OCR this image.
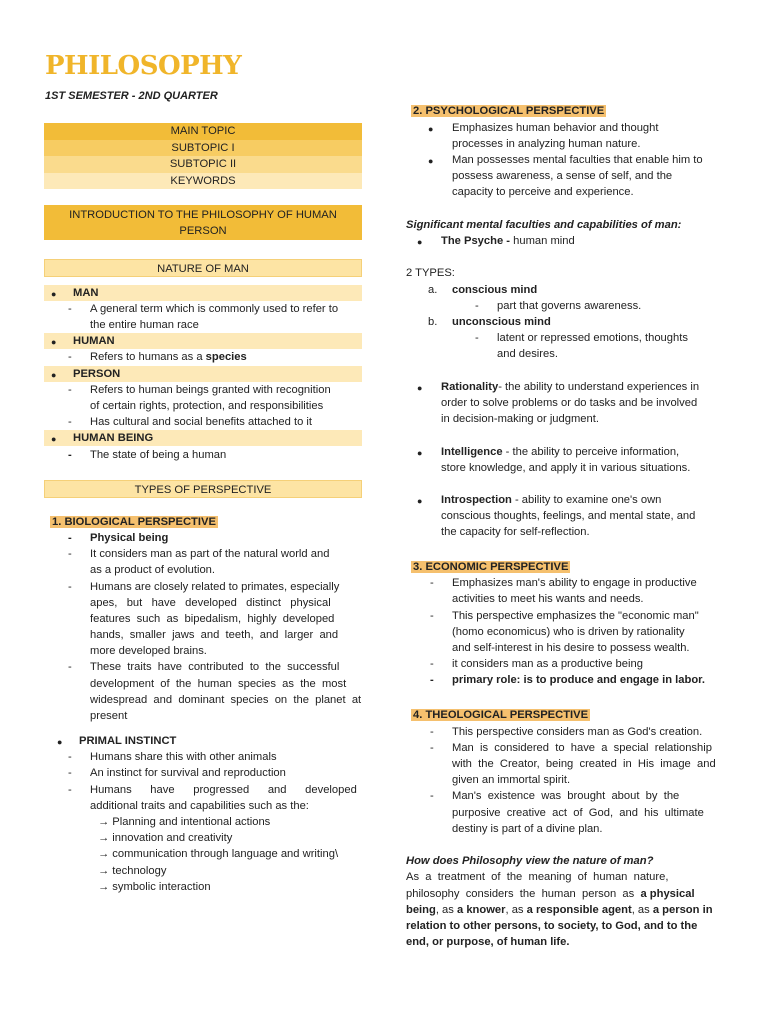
PHILOSOPHY
1ST SEMESTER - 2ND QUARTER
MAIN TOPIC
SUBTOPIC I
SUBTOPIC II
KEYWORDS
INTRODUCTION TO THE PHILOSOPHY OF HUMAN
PERSON
NATURE OF MAN
● MAN
- A general term which is commonly used to refer to
the entire human race
● HUMAN
- Refers to humans as a species
● PERSON
- Refers to human beings granted with recognition
of certain rights, protection, and responsibilities
- Has cultural and social benefits attached to it
● HUMAN BEING
- The state of being a human
TYPES OF PERSPECTIVE
1. BIOLOGICAL PERSPECTIVE
- Physical being
- It considers man as part of the natural world and
as a product of evolution.
- Humans are closely related to primates, especially
apes,   but   have   developed   distinct   physical
features  such  as  bipedalism,  highly  developed
hands,  smaller  jaws  and  teeth,  and  larger  and
more developed brains.
- These  traits  have  contributed  to  the  successful
development  of  the  human  species  as  the  most
widespread  and  dominant  species  on  the  planet  at
present
● PRIMAL INSTINCT
- Humans share this with other animals
- An instinct for survival and reproduction
- Humans      have      progressed      and      developed
additional traits and capabilities such as the:
→ Planning and intentional actions
→ innovation and creativity
→ communication through language and writing\
→ technology
→ symbolic interaction
2. PSYCHOLOGICAL PERSPECTIVE
● Emphasizes human behavior and thought
processes in analyzing human nature.
● Man possesses mental faculties that enable him to
possess awareness, a sense of self, and the
capacity to perceive and experience.
Significant mental faculties and capabilities of man:
● The Psyche - human mind
2 TYPES:
a. conscious mind
- part that governs awareness.
b. unconscious mind
- latent or repressed emotions, thoughts
and desires.
● Rationality- the ability to understand experiences in
order to solve problems or do tasks and be involved
in decision-making or judgment.
● Intelligence - the ability to perceive information,
store knowledge, and apply it in various situations.
● Introspection - ability to examine one's own
conscious thoughts, feelings, and mental state, and
the capacity for self-reflection.
3. ECONOMIC PERSPECTIVE
- Emphasizes man's ability to engage in productive
activities to meet his wants and needs.
- This perspective emphasizes the "economic man"
(homo economicus) who is driven by rationality
and self-interest in his desire to possess wealth.
- it considers man as a productive being
- primary role: is to produce and engage in labor.
4. THEOLOGICAL PERSPECTIVE
- This perspective considers man as God's creation.
- Man  is  considered  to  have  a  special  relationship
with  the  Creator,  being  created  in  His  image  and
given an immortal spirit.
- Man's  existence  was  brought  about  by  the
purposive  creative  act  of  God,  and  his  ultimate
destiny is part of a divine plan.
How does Philosophy view the nature of man?
As  a  treatment  of  the  meaning  of  human  nature,
philosophy  considers  the  human  person  as  a physical
being, as a knower, as a responsible agent, as a person in
relation to other persons, to society, to God, and to the
end, or purpose, of human life.
